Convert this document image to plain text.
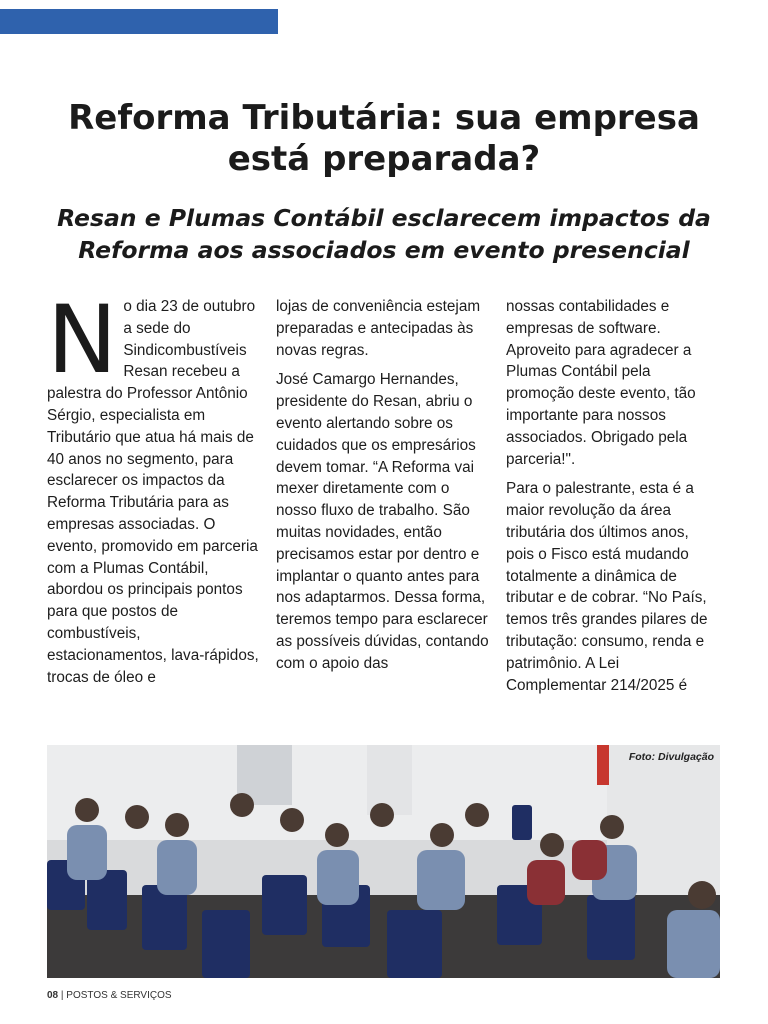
Reforma Tributária: sua empresa está preparada?
Resan e Plumas Contábil esclarecem impactos da Reforma aos associados em evento presencial

No dia 23 de outubro a sede do Sindicombustíveis Resan recebeu a palestra do Professor Antônio Sérgio, especialista em Tributário que atua há mais de 40 anos no segmento, para esclarecer os impactos da Reforma Tributária para as empresas associadas. O evento, promovido em parceria com a Plumas Contábil, abordou os principais pontos para que postos de combustíveis, estacionamentos, lava-rápidos, trocas de óleo e

lojas de conveniência estejam preparadas e antecipadas às novas regras.

José Camargo Hernandes, presidente do Resan, abriu o evento alertando sobre os cuidados que os empresários devem tomar. “A Reforma vai mexer diretamente com o nosso fluxo de trabalho. São muitas novidades, então precisamos estar por dentro e implantar o quanto antes para nos adaptarmos. Dessa forma, teremos tempo para esclarecer as possíveis dúvidas, contando com o apoio das

nossas contabilidades e empresas de software. Aproveito para agradecer a Plumas Contábil pela promoção deste evento, tão importante para nossos associados. Obrigado pela parceria!".

Para o palestrante, esta é a maior revolução da área tributária dos últimos anos, pois o Fisco está mudando totalmente a dinâmica de tributar e de cobrar. “No País, temos três grandes pilares de tributação: consumo, renda e patrimônio. A Lei Complementar 214/2025 é

Foto: Divulgação
08 | POSTOS & SERVIÇOS
